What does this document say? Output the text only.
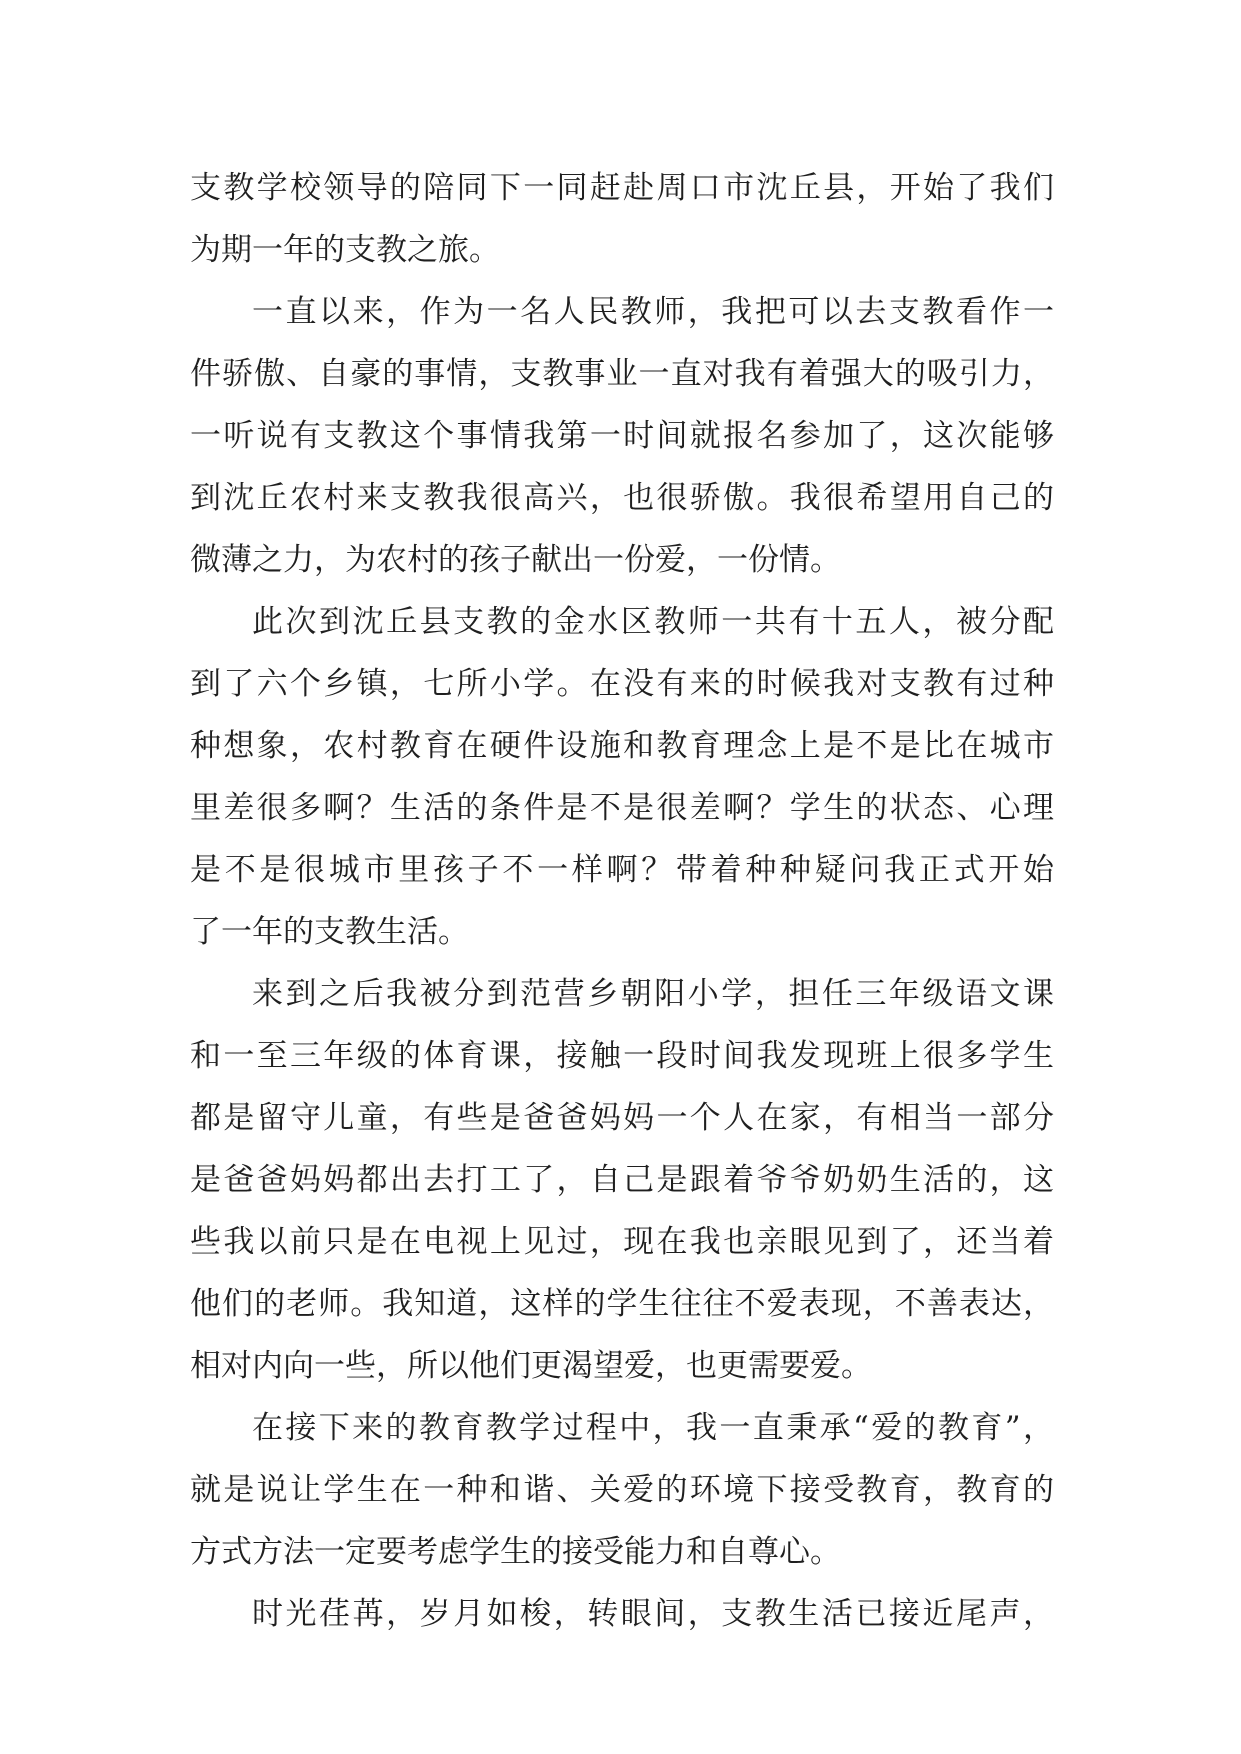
支教学校领导的陪同下一同赶赴周口市沈丘县，开始了我们
为期一年的支教之旅。
一直以来，作为一名人民教师，我把可以去支教看作一
件骄傲、自豪的事情，支教事业一直对我有着强大的吸引力，
一听说有支教这个事情我第一时间就报名参加了，这次能够
到沈丘农村来支教我很高兴，也很骄傲。我很希望用自己的
微薄之力，为农村的孩子献出一份爱，一份情。
此次到沈丘县支教的金水区教师一共有十五人，被分配
到了六个乡镇，七所小学。在没有来的时候我对支教有过种
种想象，农村教育在硬件设施和教育理念上是不是比在城市
里差很多啊？生活的条件是不是很差啊？学生的状态、心理
是不是很城市里孩子不一样啊？带着种种疑问我正式开始
了一年的支教生活。
来到之后我被分到范营乡朝阳小学，担任三年级语文课
和一至三年级的体育课，接触一段时间我发现班上很多学生
都是留守儿童，有些是爸爸妈妈一个人在家，有相当一部分
是爸爸妈妈都出去打工了，自己是跟着爷爷奶奶生活的，这
些我以前只是在电视上见过，现在我也亲眼见到了，还当着
他们的老师。我知道，这样的学生往往不爱表现，不善表达，
相对内向一些，所以他们更渴望爱，也更需要爱。
在接下来的教育教学过程中，我一直秉承“爱的教育”，
就是说让学生在一种和谐、关爱的环境下接受教育，教育的
方式方法一定要考虑学生的接受能力和自尊心。
时光荏苒，岁月如梭，转眼间，支教生活已接近尾声，
